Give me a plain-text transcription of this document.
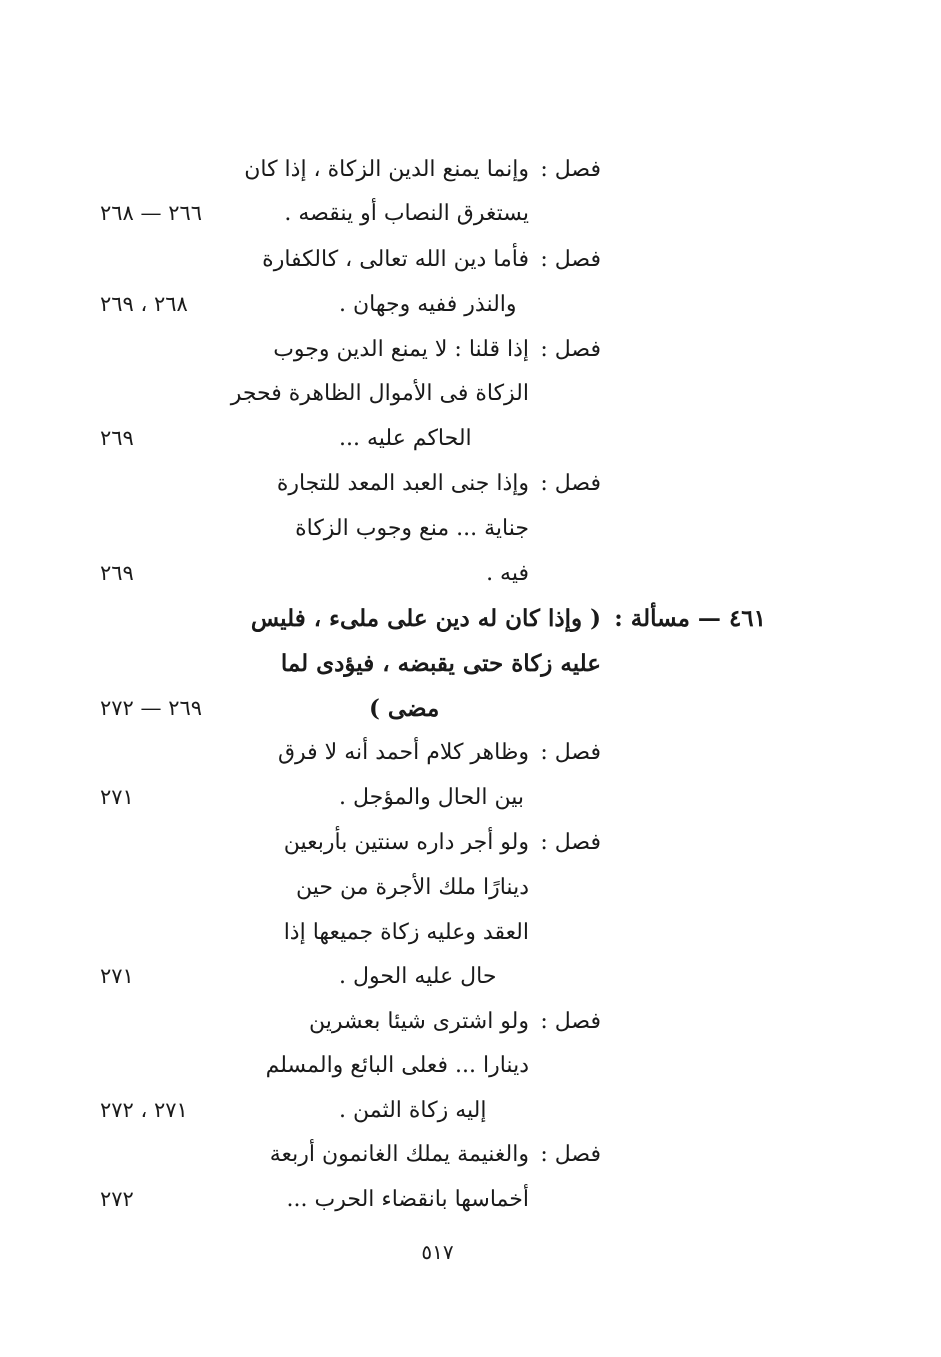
فصل :
وإنما يمنع الدين الزكاة ، إذا كان
يستغرق النصاب أو ينقصه .
٢٦٦ — ٢٦٨
فصل :
فأما دين الله تعالى ، كالكفارة
والنذر ففيه وجهان .
٢٦٨ ، ٢٦٩
فصل :
إذا قلنا : لا يمنع الدين وجوب
الزكاة فى الأموال الظاهرة فحجر
الحاكم عليه ...
٢٦٩
فصل :
وإذا جنى العبد المعد للتجارة
جناية ... منع وجوب الزكاة
فيه .
٢٦٩
٤٦١ — مسألة :
( وإذا كان له دين على ملىء ، فليس
عليه زكاة حتى يقبضه ، فيؤدى لما
مضى )
٢٦٩ — ٢٧٢
فصل :
وظاهر كلام أحمد أنه لا فرق
بين الحال والمؤجل .
٢٧١
فصل :
ولو أجر داره سنتين بأربعين
دينارًا ملك الأجرة من حين
العقد وعليه زكاة جميعها إذا
حال عليه الحول .
٢٧١
فصل :
ولو اشترى شيئا بعشرين
دينارا ... فعلى البائع والمسلم
إليه زكاة الثمن .
٢٧١ ، ٢٧٢
فصل :
والغنيمة يملك الغانمون أربعة
أخماسها بانقضاء الحرب ...
٢٧٢
٥١٧
